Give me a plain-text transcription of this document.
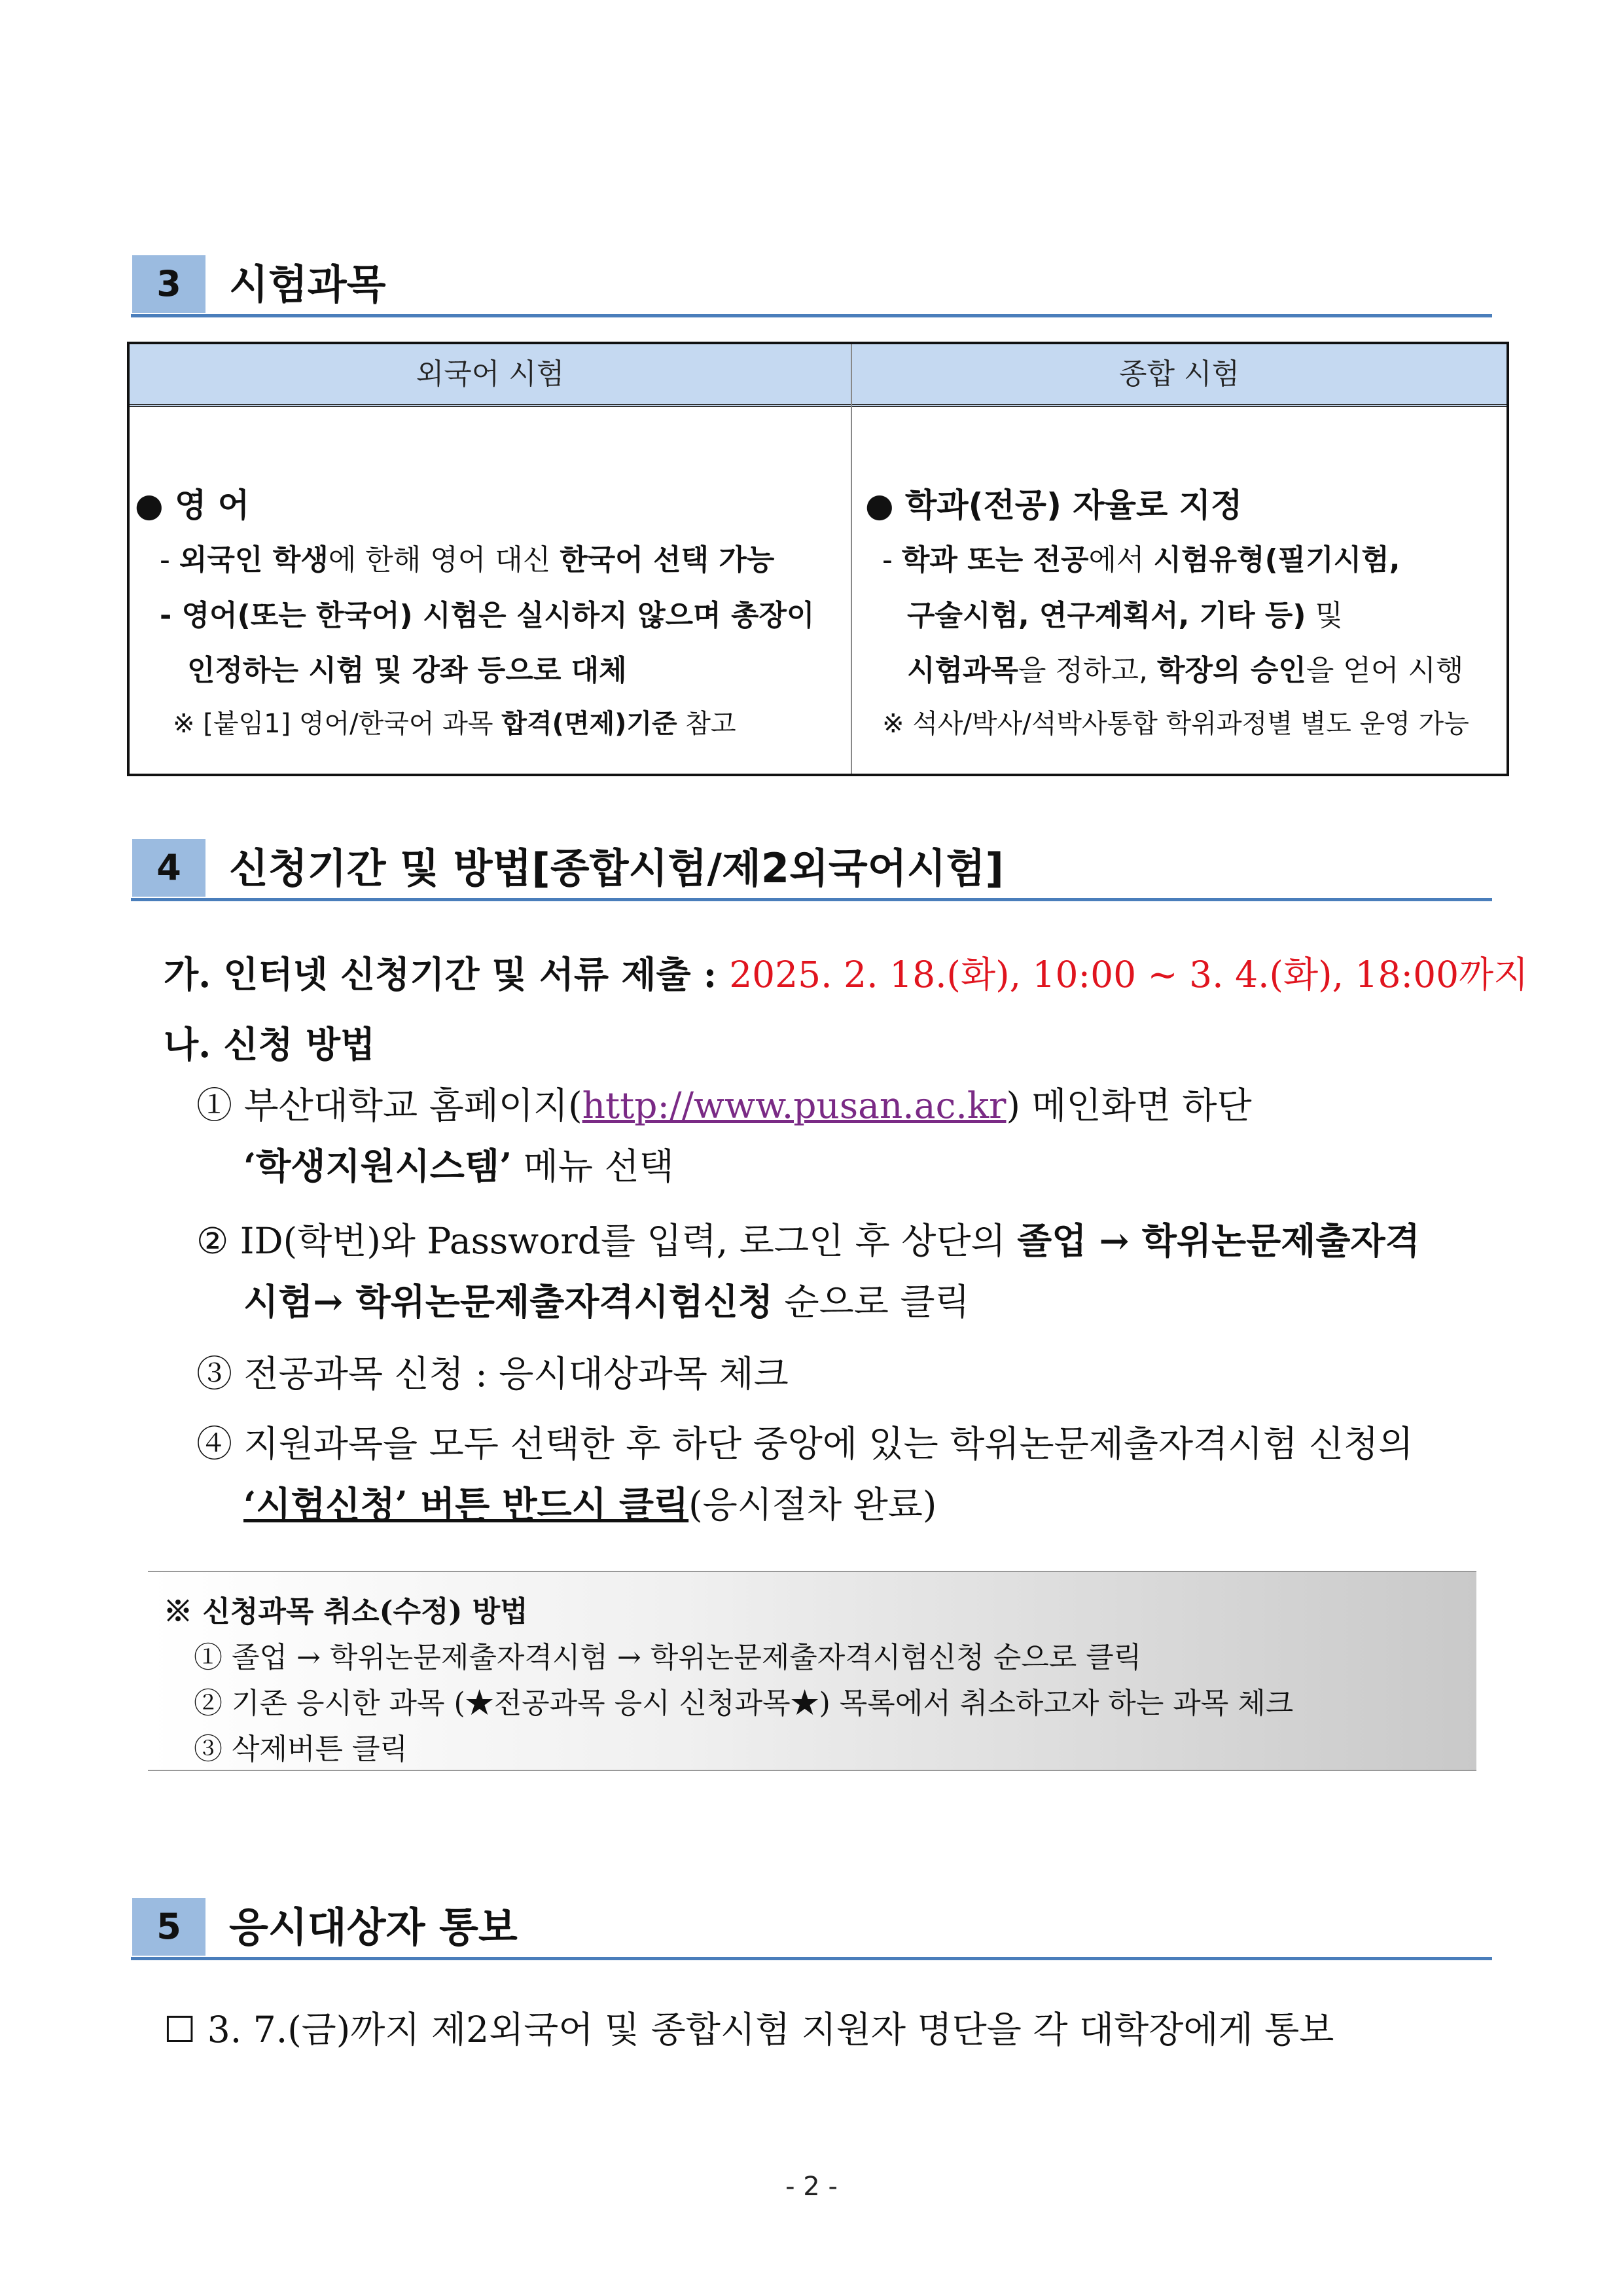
3	시험과목
외국어 시험	종합 시험
● 영 어
- 외국인 학생에 한해 영어 대신 한국어 선택 가능
- 영어(또는 한국어) 시험은 실시하지 않으며 총장이
인정하는 시험 및 강좌 등으로 대체
※ [붙임1] 영어/한국어 과목 합격(면제)기준 참고
● 학과(전공) 자율로 지정
- 학과 또는 전공에서 시험유형(필기시험,
구술시험, 연구계획서, 기타 등) 및
시험과목을 정하고, 학장의 승인을 얻어 시행
※ 석사/박사/석박사통합 학위과정별 별도 운영 가능
4	신청기간 및 방법[종합시험/제2외국어시험]
가. 인터넷 신청기간 및 서류 제출 : 2025. 2. 18.(화), 10:00 ~ 3. 4.(화), 18:00까지
나. 신청 방법
① 부산대학교 홈페이지(http://www.pusan.ac.kr) 메인화면 하단
‘학생지원시스템’ 메뉴 선택
② ID(학번)와 Password를 입력, 로그인 후 상단의 졸업 → 학위논문제출자격
시험→ 학위논문제출자격시험신청 순으로 클릭
③ 전공과목 신청 : 응시대상과목 체크
④ 지원과목을 모두 선택한 후 하단 중앙에 있는 학위논문제출자격시험 신청의
‘시험신청’ 버튼 반드시 클릭(응시절차 완료)
※ 신청과목 취소(수정) 방법
① 졸업 → 학위논문제출자격시험 → 학위논문제출자격시험신청 순으로 클릭
② 기존 응시한 과목 (★전공과목 응시 신청과목★) 목록에서 취소하고자 하는 과목 체크
③ 삭제버튼 클릭
5	응시대상자 통보
☐ 3. 7.(금)까지 제2외국어 및 종합시험 지원자 명단을 각 대학장에게 통보
- 2 -
